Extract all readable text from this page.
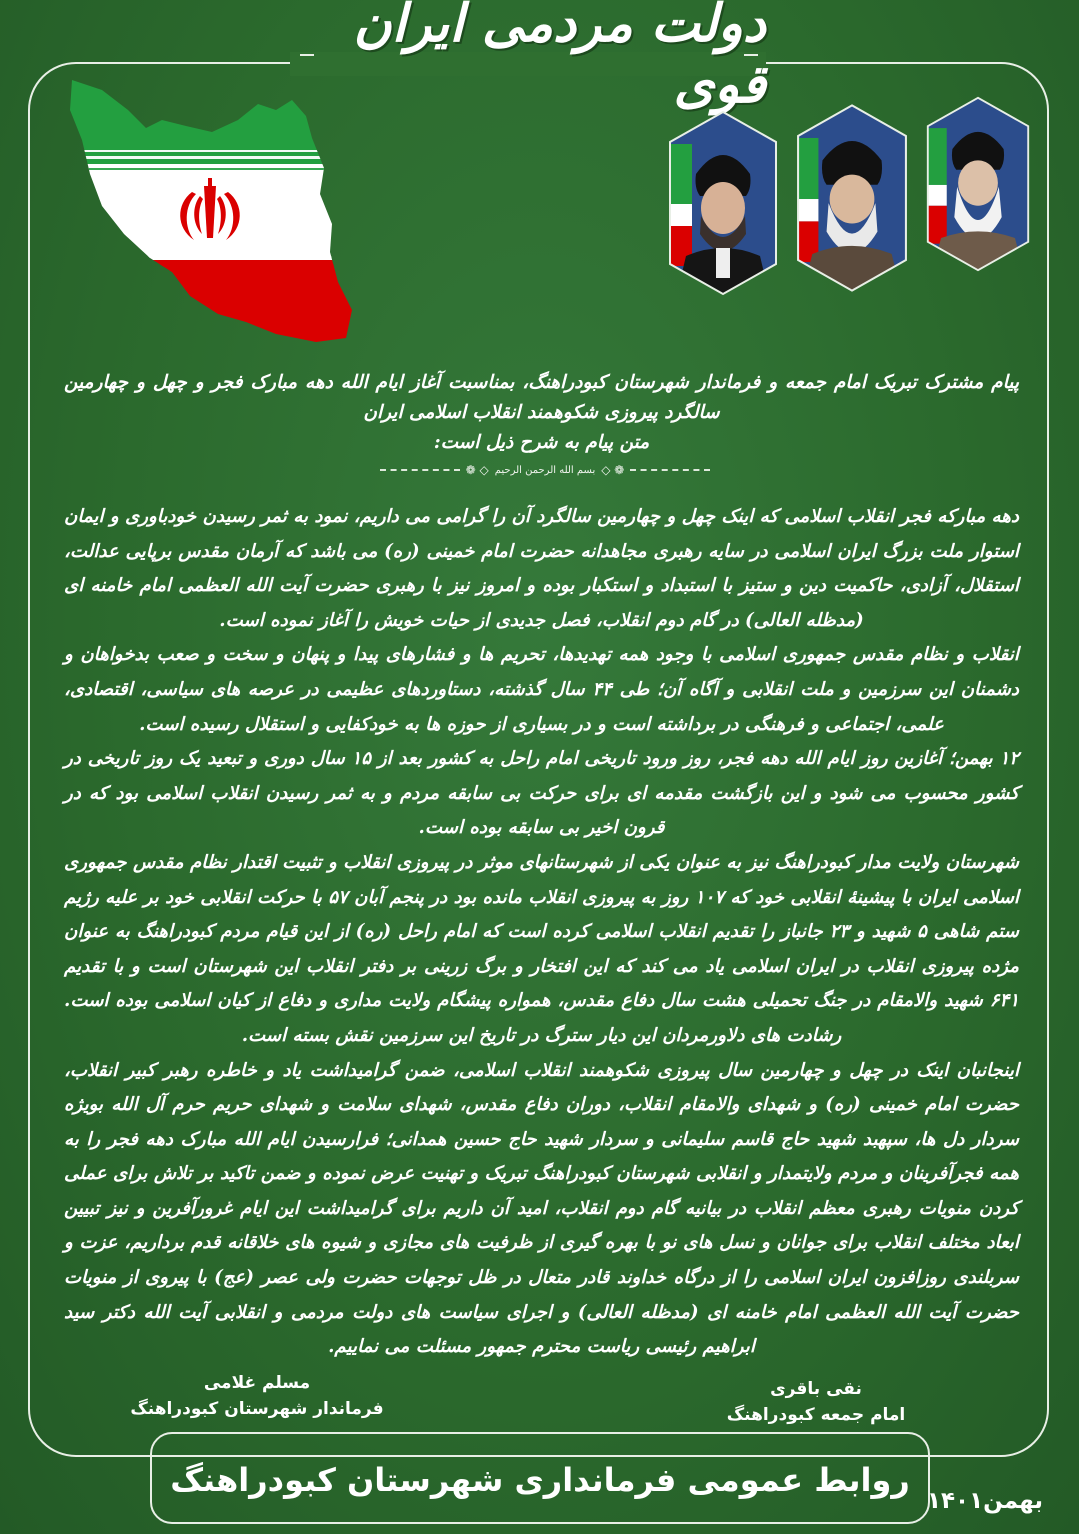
دولت مردمی ایران قوی

پیام مشترک تبریک امام جمعه و فرماندار شهرستان کبودراهنگ، بمناسبت آغاز ایام الله دهه مبارک فجر و چهل و چهارمین سالگرد پیروزی شکوهمند انقلاب اسلامی ایران

متن پیام به شرح ذیل است:

❁ ◇
بسم الله الرحمن الرحیم
◇ ❁

دهه مبارکه فجر انقلاب اسلامی که اینک چهل و چهارمین سالگرد آن را گرامی می داریم، نمود به ثمر رسیدن خودباوری و ایمان استوار ملت بزرگ ایران اسلامی در سایه رهبری مجاهدانه حضرت امام خمینی (ره) می باشد که آرمان مقدس برپایی عدالت، استقلال، آزادی، حاکمیت دین و ستیز با استبداد و استکبار بوده و امروز نیز با رهبری حضرت آیت الله العظمی امام خامنه ای (مدظله العالی) در گام دوم انقلاب، فصل جدیدی از حیات خویش را آغاز نموده است.

انقلاب و نظام مقدس جمهوری اسلامی با وجود همه تهدیدها، تحریم ها و فشارهای پیدا و پنهان و سخت و صعب بدخواهان و دشمنان این سرزمین و ملت انقلابی و آگاه آن؛ طی ۴۴ سال گذشته، دستاوردهای عظیمی در عرصه های سیاسی، اقتصادی، علمی، اجتماعی و فرهنگی در برداشته است و در بسیاری از حوزه ها به خودکفایی و استقلال رسیده است.

۱۲ بهمن؛ آغازین روز ایام الله دهه فجر، روز ورود تاریخی امام راحل به کشور بعد از ۱۵ سال دوری و تبعید یک روز تاریخی در کشور محسوب می شود و این بازگشت مقدمه ای برای حرکت بی سابقه مردم و به ثمر رسیدن انقلاب اسلامی بود که در قرون اخیر بی سابقه بوده است.

شهرستان ولایت مدار کبودراهنگ نیز به عنوان یکی از شهرستانهای موثر در پیروزی انقلاب و تثبیت اقتدار نظام مقدس جمهوری اسلامی ایران با پیشینۀ انقلابی خود که ۱۰۷ روز به پیروزی انقلاب مانده بود در پنجم آبان ۵۷ با حرکت انقلابی خود بر علیه رژیم ستم شاهی ۵ شهید و ۲۳ جانباز را تقدیم انقلاب اسلامی کرده است که امام راحل (ره) از این قیام مردم کبودراهنگ به عنوان مژده پیروزی انقلاب در ایران اسلامی یاد می کند که این افتخار و برگ زرینی بر دفتر انقلاب این شهرستان است و با تقدیم ۶۴۱ شهید والامقام در جنگ تحمیلی هشت سال دفاع مقدس، همواره پیشگام ولایت مداری و دفاع از کیان اسلامی بوده است. رشادت های دلاورمردان این دیار سترگ در تاریخ این سرزمین نقش بسته است.

اینجانبان اینک در چهل و چهارمین سال پیروزی شکوهمند انقلاب اسلامی، ضمن گرامیداشت یاد و خاطره رهبر کبیر انقلاب، حضرت امام خمینی (ره) و شهدای والامقام انقلاب، دوران دفاع مقدس، شهدای سلامت و شهدای حریم حرم آل الله بویژه سردار دل ها، سپهبد شهید حاج قاسم سلیمانی و سردار شهید حاج حسین همدانی؛ فرارسیدن ایام الله مبارک دهه فجر را به همه فجرآفرینان و مردم ولایتمدار و انقلابی شهرستان کبودراهنگ تبریک و تهنیت عرض نموده و ضمن تاکید بر تلاش برای عملی کردن منویات رهبری معظم انقلاب در بیانیه گام دوم انقلاب، امید آن داریم برای گرامیداشت این ایام غرورآفرین و نیز تبیین ابعاد مختلف انقلاب برای جوانان و نسل های نو با بهره گیری از ظرفیت های مجازی و شیوه های خلاقانه قدم برداریم، عزت و سربلندی روزافزون ایران اسلامی را از درگاه خداوند قادر متعال در ظل توجهات حضرت ولی عصر (عج) با پیروی از منویات حضرت آیت الله العظمی امام خامنه ای (مدظله العالی) و اجرای سیاست های دولت مردمی و انقلابی آیت الله دکتر سید ابراهیم رئیسی ریاست محترم جمهور مسئلت می نماییم.

مسلم غلامی
فرماندار شهرستان کبودراهنگ
نقی باقری
امام جمعه کبودراهنگ
روابط عمومی فرمانداری شهرستان کبودراهنگ
بهمن۱۴۰۱
